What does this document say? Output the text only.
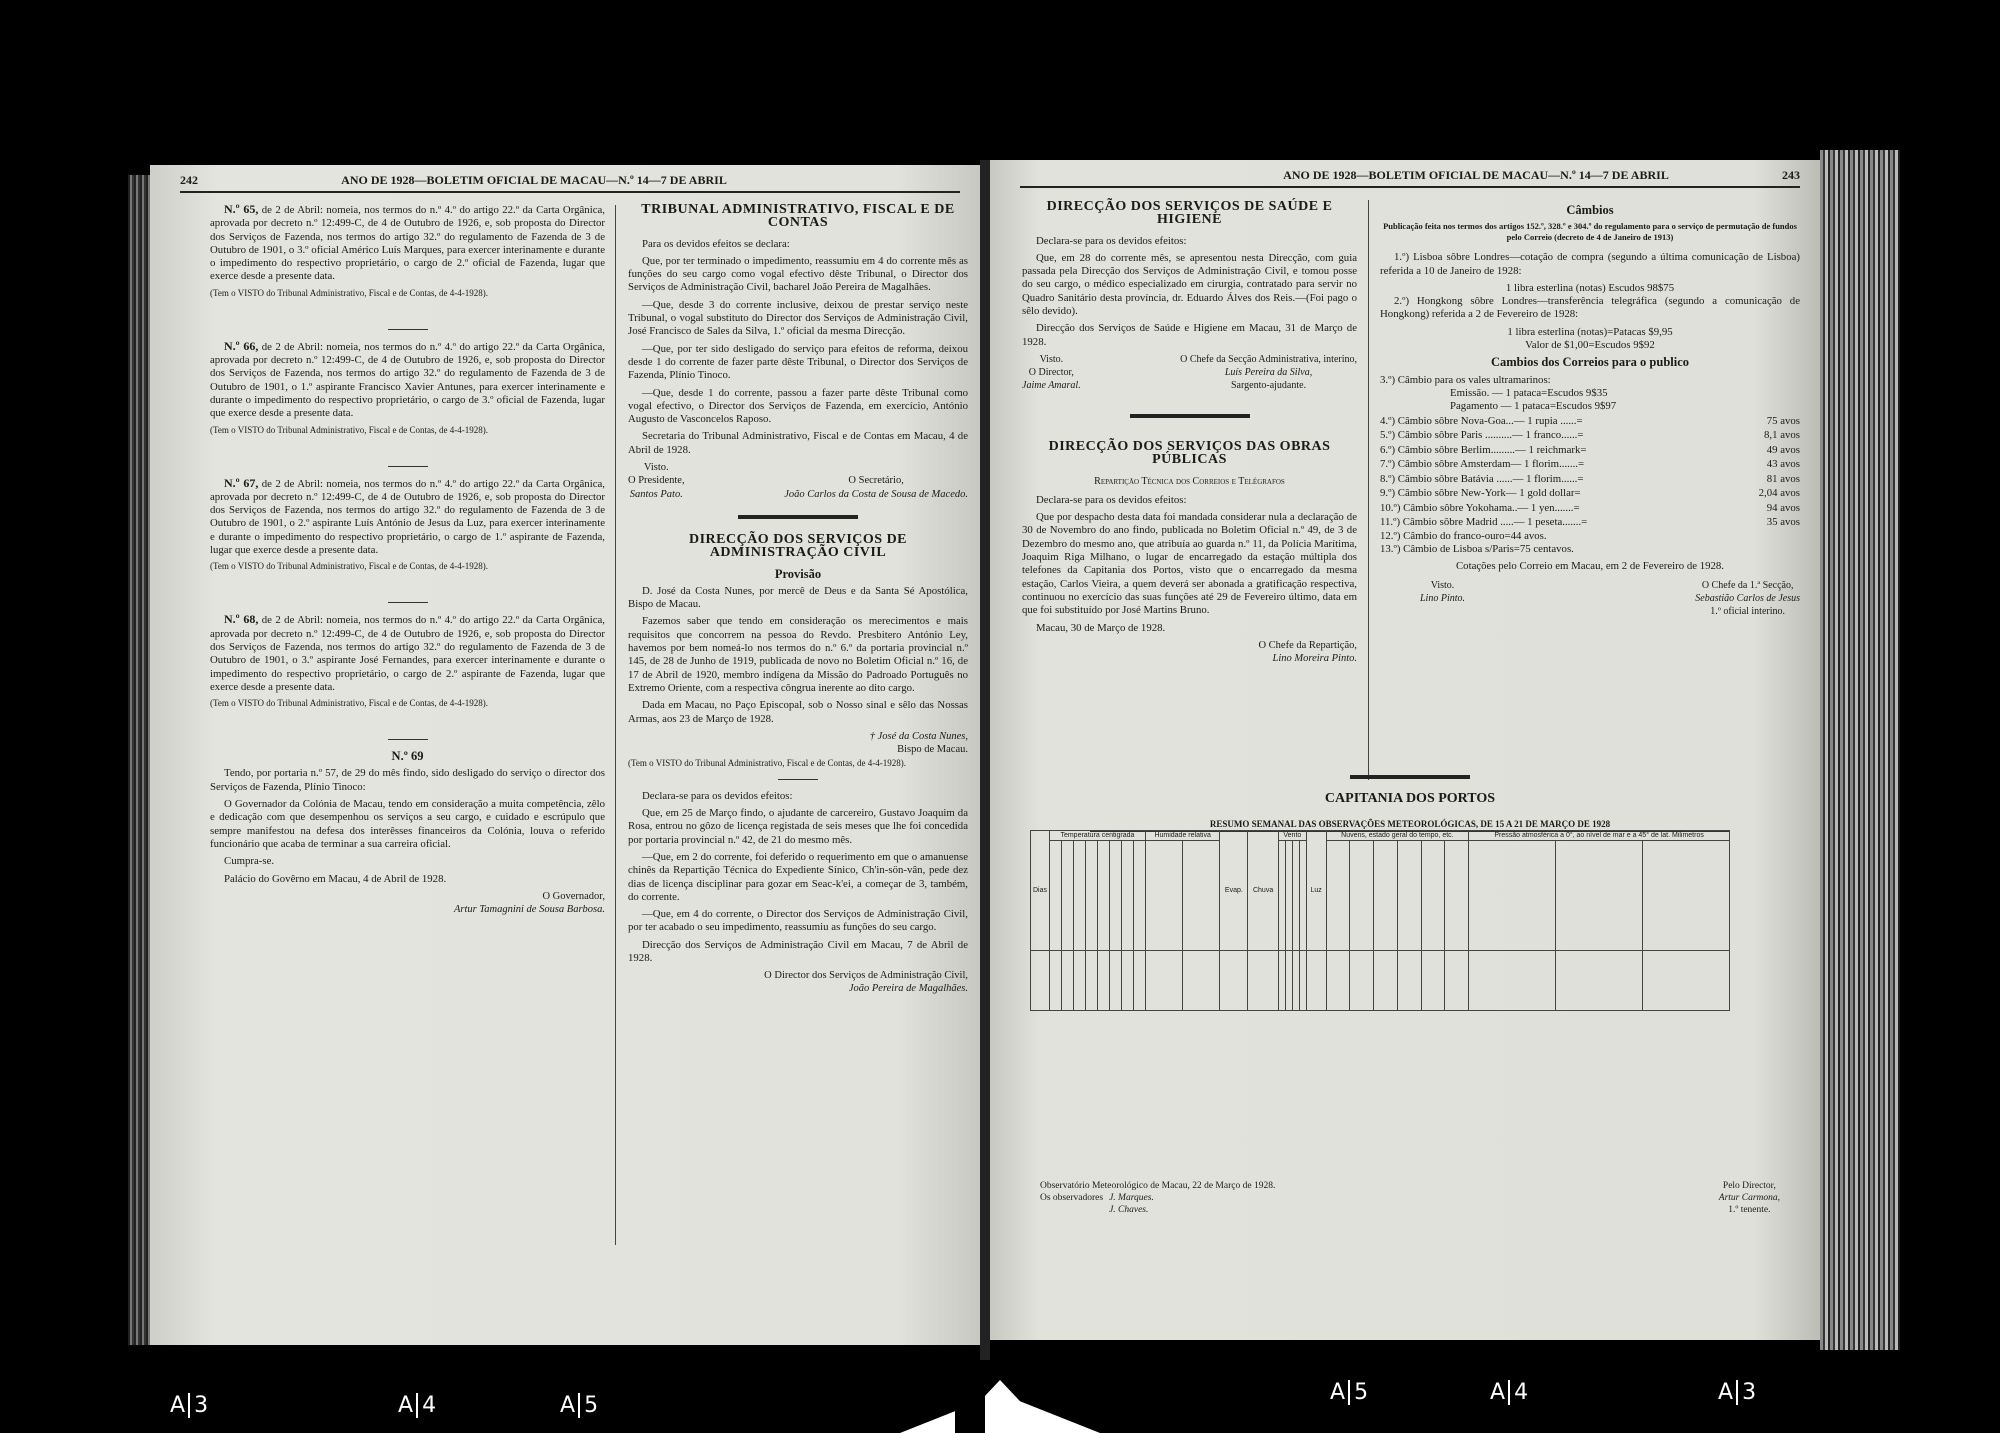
242	ANO DE 1928—BOLETIM OFICIAL DE MACAU—N.º 14—7 DE ABRIL

N.º 65, de 2 de Abril: nomeia, nos termos do n.º 4.º do artigo 22.º da Carta Orgânica, aprovada por decreto n.º 12:499-C, de 4 de Outubro de 1926, e, sob proposta do Director dos Serviços de Fazenda, nos termos do artigo 32.º do regulamento de Fazenda de 3 de Outubro de 1901, o 3.º oficial Américo Luís Marques, para exercer interinamente e durante o impedimento do respectivo proprietário, o cargo de 2.º oficial de Fazenda, lugar que exerce desde a presente data.

(Tem o VISTO do Tribunal Administrativo, Fiscal e de Contas, de 4-4-1928).

N.º 66, de 2 de Abril: nomeia, nos termos do n.º 4.º do artigo 22.º da Carta Orgânica, aprovada por decreto n.º 12:499-C, de 4 de Outubro de 1926, e, sob proposta do Director dos Serviços de Fazenda, nos termos do artigo 32.º do regulamento de Fazenda de 3 de Outubro de 1901, o 1.º aspirante Francisco Xavier Antunes, para exercer interinamente e durante o impedimento do respectivo proprietário, o cargo de 3.º oficial de Fazenda, lugar que exerce desde a presente data.

(Tem o VISTO do Tribunal Administrativo, Fiscal e de Contas, de 4-4-1928).

N.º 67, de 2 de Abril: nomeia, nos termos do n.º 4.º do artigo 22.º da Carta Orgânica, aprovada por decreto n.º 12:499-C, de 4 de Outubro de 1926, e, sob proposta do Director dos Serviços de Fazenda, nos termos do artigo 32.º do regulamento de Fazenda de 3 de Outubro de 1901, o 2.º aspirante Luís António de Jesus da Luz, para exercer interinamente e durante o impedimento do respectivo proprietário, o cargo de 1.º aspirante de Fazenda, lugar que exerce desde a presente data.

(Tem o VISTO do Tribunal Administrativo, Fiscal e de Contas, de 4-4-1928).

N.º 68, de 2 de Abril: nomeia, nos termos do n.º 4.º do artigo 22.º da Carta Orgânica, aprovada por decreto n.º 12:499-C, de 4 de Outubro de 1926, e, sob proposta do Director dos Serviços de Fazenda, nos termos do artigo 32.º do regulamento de Fazenda de 3 de Outubro de 1901, o 3.º aspirante José Fernandes, para exercer interinamente e durante o impedimento do respectivo proprietário, o cargo de 2.º aspirante de Fazenda, lugar que exerce desde a presente data.

(Tem o VISTO do Tribunal Administrativo, Fiscal e de Contas, de 4-4-1928).

N.º 69

Tendo, por portaria n.º 57, de 29 do mês findo, sido desligado do serviço o director dos Serviços de Fazenda, Plínio Tinoco:

O Governador da Colónia de Macau, tendo em consideração a muita competência, zêlo e dedicação com que desempenhou os serviços a seu cargo, e cuidado e escrúpulo que sempre manifestou na defesa dos interêsses financeiros da Colónia, louva o referido funcionário que acaba de terminar a sua carreira oficial.

Cumpra-se.

Palácio do Govêrno em Macau, 4 de Abril de 1928.

O Governador,
Artur Tamagnini de Sousa Barbosa.
TRIBUNAL ADMINISTRATIVO, FISCAL E DE CONTAS

Para os devidos efeitos se declara:

Que, por ter terminado o impedimento, reassumiu em 4 do corrente mês as funções do seu cargo como vogal efectivo dêste Tribunal, o Director dos Serviços de Administração Civil, bacharel João Pereira de Magalhães.

—Que, desde 3 do corrente inclusive, deixou de prestar serviço neste Tribunal, o vogal substituto do Director dos Serviços de Administração Civil, José Francisco de Sales da Silva, 1.º oficial da mesma Direcção.

—Que, por ter sido desligado do serviço para efeitos de reforma, deixou desde 1 do corrente de fazer parte dêste Tribunal, o Director dos Serviços de Fazenda, Plínio Tinoco.

—Que, desde 1 do corrente, passou a fazer parte dêste Tribunal como vogal efectivo, o Director dos Serviços de Fazenda, em exercício, António Augusto de Vasconcelos Raposo.

Secretaria do Tribunal Administrativo, Fiscal e de Contas em Macau, 4 de Abril de 1928.

Visto.
O Presidente,
Santos Pato.

O Secretário,
João Carlos da Costa de Sousa de Macedo.
DIRECÇÃO DOS SERVIÇOS DE ADMINISTRAÇÃO CIVIL
Provisão

D. José da Costa Nunes, por mercê de Deus e da Santa Sé Apostólica, Bispo de Macau.

Fazemos saber que tendo em consideração os merecimentos e mais requisitos que concorrem na pessoa do Revdo. Presbitero António Ley, havemos por bem nomeá-lo nos termos do n.º 6.º da portaria provincial n.º 145, de 28 de Junho de 1919, publicada de novo no Boletim Oficial n.º 16, de 17 de Abril de 1920, membro indígena da Missão do Padroado Português no Extremo Oriente, com a respectiva côngrua inerente ao dito cargo.

Dada em Macau, no Paço Episcopal, sob o Nosso sinal e sêlo das Nossas Armas, aos 23 de Março de 1928.

† José da Costa Nunes,
Bispo de Macau.

(Tem o VISTO do Tribunal Administrativo, Fiscal e de Contas, de 4-4-1928).

Declara-se para os devidos efeitos:

Que, em 25 de Março findo, o ajudante de carcereiro, Gustavo Joaquim da Rosa, entrou no gôzo de licença registada de seis meses que lhe foi concedida por portaria provincial n.º 42, de 21 do mesmo mês.

—Que, em 2 do corrente, foi deferido o requerimento em que o amanuense chinês da Repartição Técnica do Expediente Sínico, Ch'in-sön-vân, pede dez dias de licença disciplinar para gozar em Seac-k'ei, a começar de 3, também, do corrente.

—Que, em 4 do corrente, o Director dos Serviços de Administração Civil, por ter acabado o seu impedimento, reassumiu as funções do seu cargo.

Direcção dos Serviços de Administração Civil em Macau, 7 de Abril de 1928.

O Director dos Serviços de Administração Civil,
João Pereira de Magalhães.
ANO DE 1928—BOLETIM OFICIAL DE MACAU—N.º 14—7 DE ABRIL	243
DIRECÇÃO DOS SERVIÇOS DE SAÚDE E HIGIENE

Declara-se para os devidos efeitos:

Que, em 28 do corrente mês, se apresentou nesta Direcção, com guia passada pela Direcção dos Serviços de Administração Civil, e tomou posse do seu cargo, o médico especializado em cirurgia, contratado para servir no Quadro Sanitário desta província, dr. Eduardo Álves dos Reis.—(Foi pago o sêlo devido).

Direcção dos Serviços de Saúde e Higiene em Macau, 31 de Março de 1928.

Visto.
O Director,
Jaime Amaral.
O Chefe da Secção Administrativa, interino,
Luís Pereira da Silva,
Sargento-ajudante.
DIRECÇÃO DOS SERVIÇOS DAS OBRAS PÚBLICAS
Repartição Técnica dos Correios e Telégrafos

Declara-se para os devidos efeitos:

Que por despacho desta data foi mandada considerar nula a declaração de 30 de Novembro do ano findo, publicada no Boletim Oficial n.º 49, de 3 de Dezembro do mesmo ano, que atribuía ao guarda n.º 11, da Polícia Marítima, Joaquim Riga Milhano, o lugar de encarregado da estação múltipla dos telefones da Capitania dos Portos, visto que o encarregado da mesma estação, Carlos Vieira, a quem deverá ser abonada a gratificação respectiva, continuou no exercício das suas funções até 29 de Fevereiro último, data em que foi substituído por José Martins Bruno.

Macau, 30 de Março de 1928.

O Chefe da Repartição,
Lino Moreira Pinto.
Câmbios
Publicação feita nos termos dos artigos 152.º, 328.º e 304.º do regulamento para o serviço de permutação de fundos pelo Correio (decreto de 4 de Janeiro de 1913)

1.º) Lisboa sôbre Londres—cotação de compra (segundo a última comunicação de Lisboa) referida a 10 de Janeiro de 1928:

1 libra esterlina (notas) Escudos 98$75

2.º) Hongkong sôbre Londres—transferência telegráfica (segundo a comunicação de Hongkong) referida a 2 de Fevereiro de 1928:

1 libra esterlina (notas)=Patacas $9,95
Valor de $1,00=Escudos 9$92
Cambios dos Correios para o publico
3.º) Câmbio para os vales ultramarinos:
Emissão. — 1 pataca=Escudos 9$35
Pagamento — 1 pataca=Escudos 9$97
4.º) Câmbio sôbre Nova-Goa...— 1 rupia ......=	75 avos
5.º) Câmbio sôbre Paris ..........— 1 franco......=	8,1 avos
6.º) Câmbio sôbre Berlim.........— 1 reichmark=	49 avos
7.º) Câmbio sôbre Amsterdam— 1 florim.......=	43 avos
8.º) Câmbio sôbre Batávia ......— 1 florim......=	81 avos
9.º) Câmbio sôbre New-York— 1 gold dollar=	2,04 avos
10.º) Câmbio sôbre Yokohama..— 1 yen.......=	94 avos
11.º) Câmbio sôbre Madrid .....— 1 peseta.......=	35 avos
12.º) Câmbio do franco-ouro=44 avos.
13.º) Câmbio de Lisboa s/Paris=75 centavos.
Cotações pelo Correio em Macau, em 2 de Fevereiro de 1928.
Visto.
Lino Pinto.
O Chefe da 1.ª Secção,
Sebastião Carlos de Jesus
1.º oficial interino.
CAPITANIA DOS PORTOS
RESUMO SEMANAL DAS OBSERVAÇÕES METEOROLÓGICAS, DE 15 A 21 DE MARÇO DE 1928
Dias	Temperatura centigrada								Humidade relativa		Evap.	Chuva	Vento				Luz	Nuvens, estado geral do tempo, etc.						Pressão atmosférica a 0°, ao nível de mar e a 45° de lat. Milimetros		

Observatório Meteorológico de Macau, 22 de Março de 1928.
Os observadores J. Marques.
J. Chaves.
Pelo Director,
Artur Carmona,
1.º tenente.
A 3	A 4	A 5
A 5	A 4	A 3
